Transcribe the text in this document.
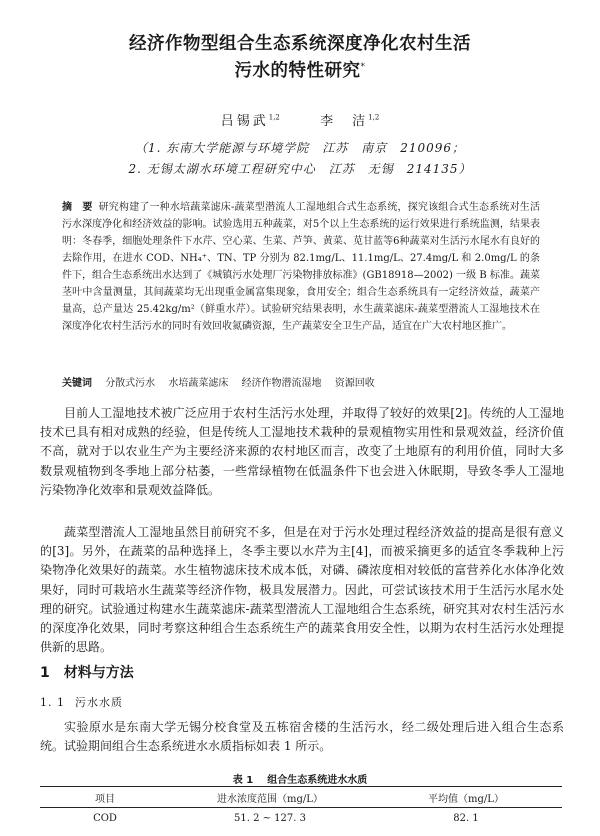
经济作物型组合生态系统深度净化农村生活
污水的特性研究*
吕锡武$^{1,2}$	李　洁$^{1,2}$
（1. 东南大学能源与环境学院　江苏　南京　210096；
2. 无锡太湖水环境工程研究中心　江苏　无锡　214135）
摘　要 研究构建了一种水培蔬菜滤床-蔬菜型潜流人工湿地组合式生态系统，探究该组合式生态系统对生活污水深度净化和经济效益的影响。试验选用五种蔬菜，对5个以上生态系统的运行效果进行系统监测，结果表明：冬春季，细胞处理条件下水芹、空心菜、生菜、芦笋、黄菜、苋甘蓝等6种蔬菜对生活污水尾水有良好的去除作用，在进水 COD、NH₄⁺、TN、TP 分别为 82.1mg/L、11.1mg/L、27.4mg/L 和 2.0mg/L 的条件下，组合生态系统出水达到了《城镇污水处理厂污染物排放标准》(GB18918—2002) 一级 B 标准。蔬菜茎叶中含量测量，其间蔬菜均无出现重金属富集现象，食用安全；组合生态系统具有一定经济效益，蔬菜产量高，总产量达 25.42kg/m²（鲜重水芹）。试验研究结果表明，水生蔬菜滤床-蔬菜型潜流人工湿地技术在深度净化农村生活污水的同时有效回收氮磷资源，生产蔬菜安全卫生产品，适宜在广大农村地区推广。
关键词 分散式污水 水培蔬菜滤床 经济作物潜流湿地 资源回收

目前人工湿地技术被广泛应用于农村生活污水处理，并取得了较好的效果[2]。传统的人工湿地技术已具有相对成熟的经验，但是传统人工湿地技术栽种的景观植物实用性和景观效益，经济价值不高，就对于以农业生产为主要经济来源的农村地区而言，改变了土地原有的利用价值，同时大多数景观植物到冬季地上部分枯萎，一些常绿植物在低温条件下也会进入休眠期，导致冬季人工湿地污染物净化效率和景观效益降低。

蔬菜型潜流人工湿地虽然目前研究不多，但是在对于污水处理过程经济效益的提高是很有意义的[3]。另外，在蔬菜的品种选择上，冬季主要以水芹为主[4]，而被采摘更多的适宜冬季栽种上污染物净化效果好的蔬菜。水生植物滤床技术成本低，对磷、磷浓度相对较低的富营养化水体净化效果好，同时可栽培水生蔬菜等经济作物，极具发展潜力。因此，可尝试该技术用于生活污水尾水处理的研究。试验通过构建水生蔬菜滤床-蔬菜型潜流人工湿地组合生态系统，研究其对农村生活污水的深度净化效果，同时考察这种组合生态系统生产的蔬菜食用安全性，以期为农村生活污水处理提供新的思路。

1 材料与方法
1. 1 污水水质

实验原水是东南大学无锡分校食堂及五栋宿舍楼的生活污水，经二级处理后进入组合生态系统。试验期间组合生态系统进水水质指标如表 1 所示。

表 1 组合生态系统进水水质
项目	进水浓度范围（mg/L）	平均值（mg/L）
COD	51. 2 ~ 127. 3	82. 1
